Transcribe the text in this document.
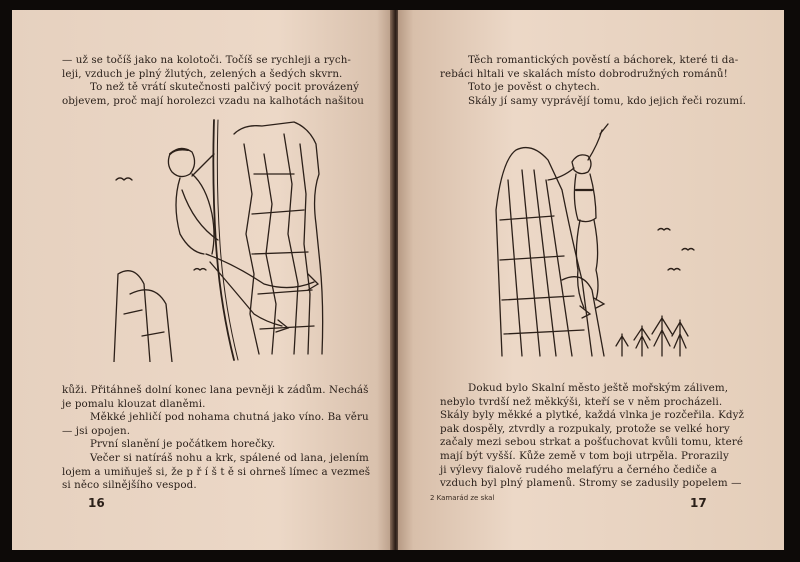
— už se točíš jako na kolotoči. Točíš se rychleji a rych-

leji, vzduch je plný žlutých, zelených a šedých skvrn.

To než tě vrátí skutečnosti palčivý pocit provázený

objevem, proč mají horolezci vzadu na kalhotách našitou

kůži. Přitáhneš dolní konec lana pevněji k zádům. Necháš

je pomalu klouzat dlaněmi.

Měkké jehličí pod nohama chutná jako víno. Ba věru

— jsi opojen.

První slanění je počátkem horečky.

Večer si natíráš nohu a krk, spálené od lana, jelením

lojem a umiňuješ si, že p ř í š t ě si ohrneš límec a vezmeš

si něco silnějšího vespod.

16

Těch romantických pověstí a báchorek, které ti da-

rebáci hltali ve skalách místo dobrodružných románů!

Toto je pověst o chytech.

Skály jí samy vyprávějí tomu, kdo jejich řeči rozumí.

Dokud bylo Skalní město ještě mořským zálivem,

nebylo tvrdší než měkkýši, kteří se v něm procházeli.

Skály byly měkké a plytké, každá vlnka je rozčeřila. Když

pak dospěly, ztvrdly a rozpukaly, protože se velké hory

začaly mezi sebou strkat a pošťuchovat kvůli tomu, které

mají být vyšší. Kůže země v tom boji utrpěla. Prorazily

ji výlevy fialově rudého melafýru a černého čedičе a

vzduch byl plný plamenů. Stromy se zadusily popelem —

2 Kamarád ze skal	17
